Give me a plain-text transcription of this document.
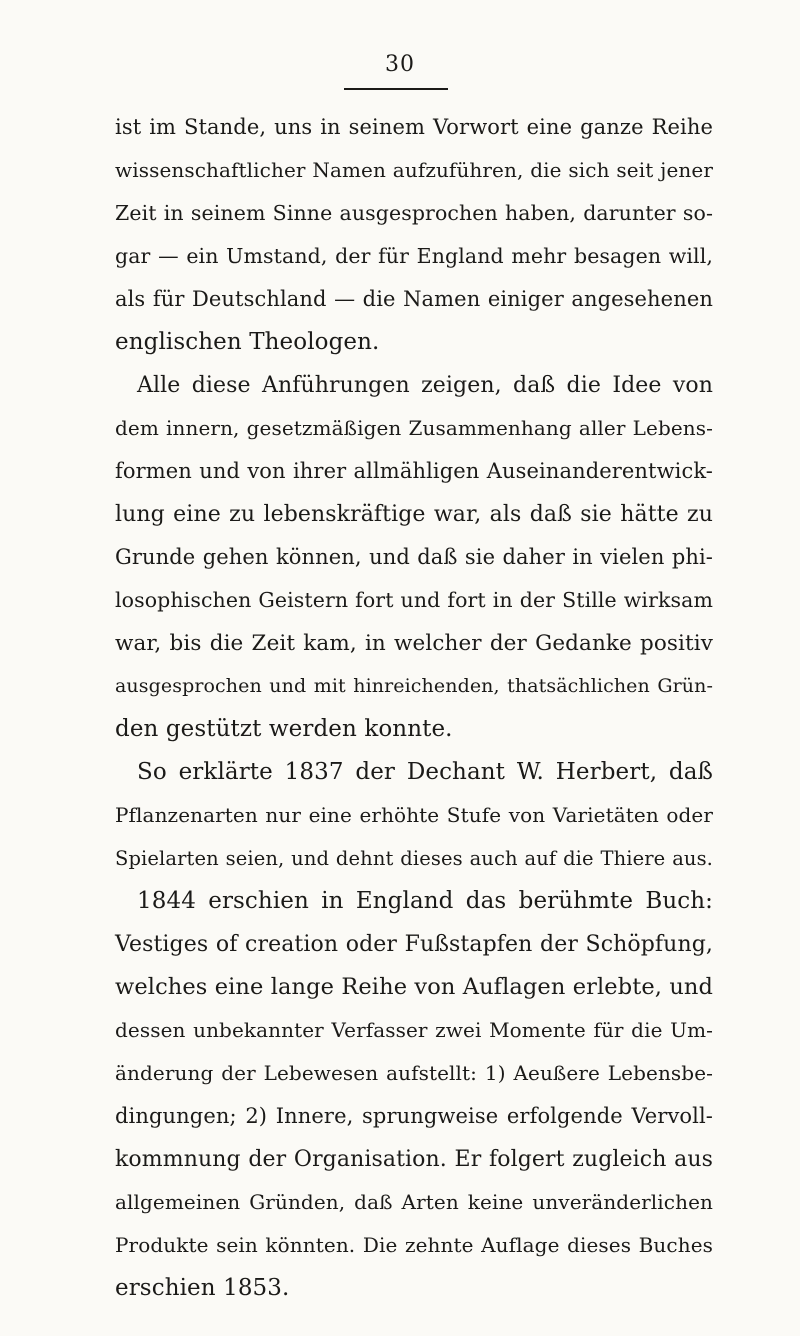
30
ist im Stande, uns in seinem Vorwort eine ganze Reihe
wissenschaftlicher Namen aufzuführen, die sich seit jener
Zeit in seinem Sinne ausgesprochen haben, darunter so-
gar — ein Umstand, der für England mehr besagen will,
als für Deutschland — die Namen einiger angesehenen
englischen Theologen.
Alle diese Anführungen zeigen, daß die Idee von
dem innern, gesetzmäßigen Zusammenhang aller Lebens-
formen und von ihrer allmähligen Auseinanderentwick-
lung eine zu lebenskräftige war, als daß sie hätte zu
Grunde gehen können, und daß sie daher in vielen phi-
losophischen Geistern fort und fort in der Stille wirksam
war, bis die Zeit kam, in welcher der Gedanke positiv
ausgesprochen und mit hinreichenden, thatsächlichen Grün-
den gestützt werden konnte.
So erklärte 1837 der Dechant W. Herbert, daß
Pflanzenarten nur eine erhöhte Stufe von Varietäten oder
Spielarten seien, und dehnt dieses auch auf die Thiere aus.
1844 erschien in England das berühmte Buch:
Vestiges of creation oder Fußstapfen der Schöpfung,
welches eine lange Reihe von Auflagen erlebte, und
dessen unbekannter Verfasser zwei Momente für die Um-
änderung der Lebewesen aufstellt: 1) Aeußere Lebensbe-
dingungen; 2) Innere, sprungweise erfolgende Vervoll-
kommnung der Organisation. Er folgert zugleich aus
allgemeinen Gründen, daß Arten keine unveränderlichen
Produkte sein könnten. Die zehnte Auflage dieses Buches
erschien 1853.
